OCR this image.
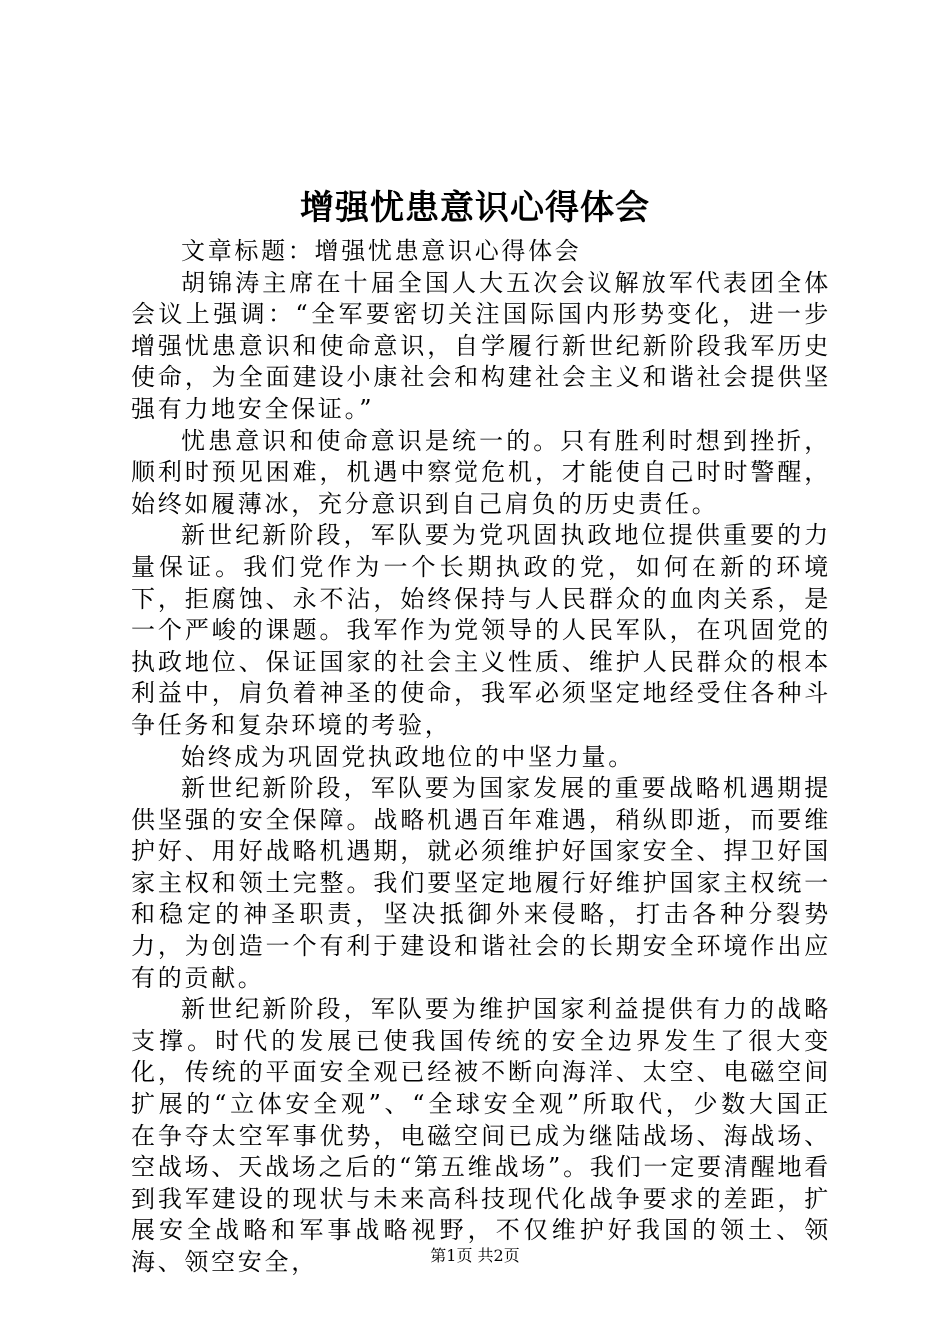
增强忧患意识心得体会

文章标题：增强忧患意识心得体会

胡锦涛主席在十届全国人大五次会议解放军代表团全体会议上强调：“全军要密切关注国际国内形势变化，进一步增强忧患意识和使命意识，自学履行新世纪新阶段我军历史使命，为全面建设小康社会和构建社会主义和谐社会提供坚强有力地安全保证。”

忧患意识和使命意识是统一的。只有胜利时想到挫折，顺利时预见困难，机遇中察觉危机，才能使自己时时警醒，始终如履薄冰，充分意识到自己肩负的历史责任。

新世纪新阶段，军队要为党巩固执政地位提供重要的力量保证。我们党作为一个长期执政的党，如何在新的环境下，拒腐蚀、永不沾，始终保持与人民群众的血肉关系，是一个严峻的课题。我军作为党领导的人民军队，在巩固党的执政地位、保证国家的社会主义性质、维护人民群众的根本利益中，肩负着神圣的使命，我军必须坚定地经受住各种斗争任务和复杂环境的考验，

始终成为巩固党执政地位的中坚力量。

新世纪新阶段，军队要为国家发展的重要战略机遇期提供坚强的安全保障。战略机遇百年难遇，稍纵即逝，而要维护好、用好战略机遇期，就必须维护好国家安全、捍卫好国家主权和领土完整。我们要坚定地履行好维护国家主权统一和稳定的神圣职责，坚决抵御外来侵略，打击各种分裂势力，为创造一个有利于建设和谐社会的长期安全环境作出应有的贡献。

新世纪新阶段，军队要为维护国家利益提供有力的战略支撑。时代的发展已使我国传统的安全边界发生了很大变化，传统的平面安全观已经被不断向海洋、太空、电磁空间扩展的“立体安全观”、“全球安全观”所取代，少数大国正在争夺太空军事优势，电磁空间已成为继陆战场、海战场、空战场、天战场之后的“第五维战场”。我们一定要清醒地看到我军建设的现状与未来高科技现代化战争要求的差距，扩展安全战略和军事战略视野，不仅维护好我国的领土、领海、领空安全，	第1页 共2页
